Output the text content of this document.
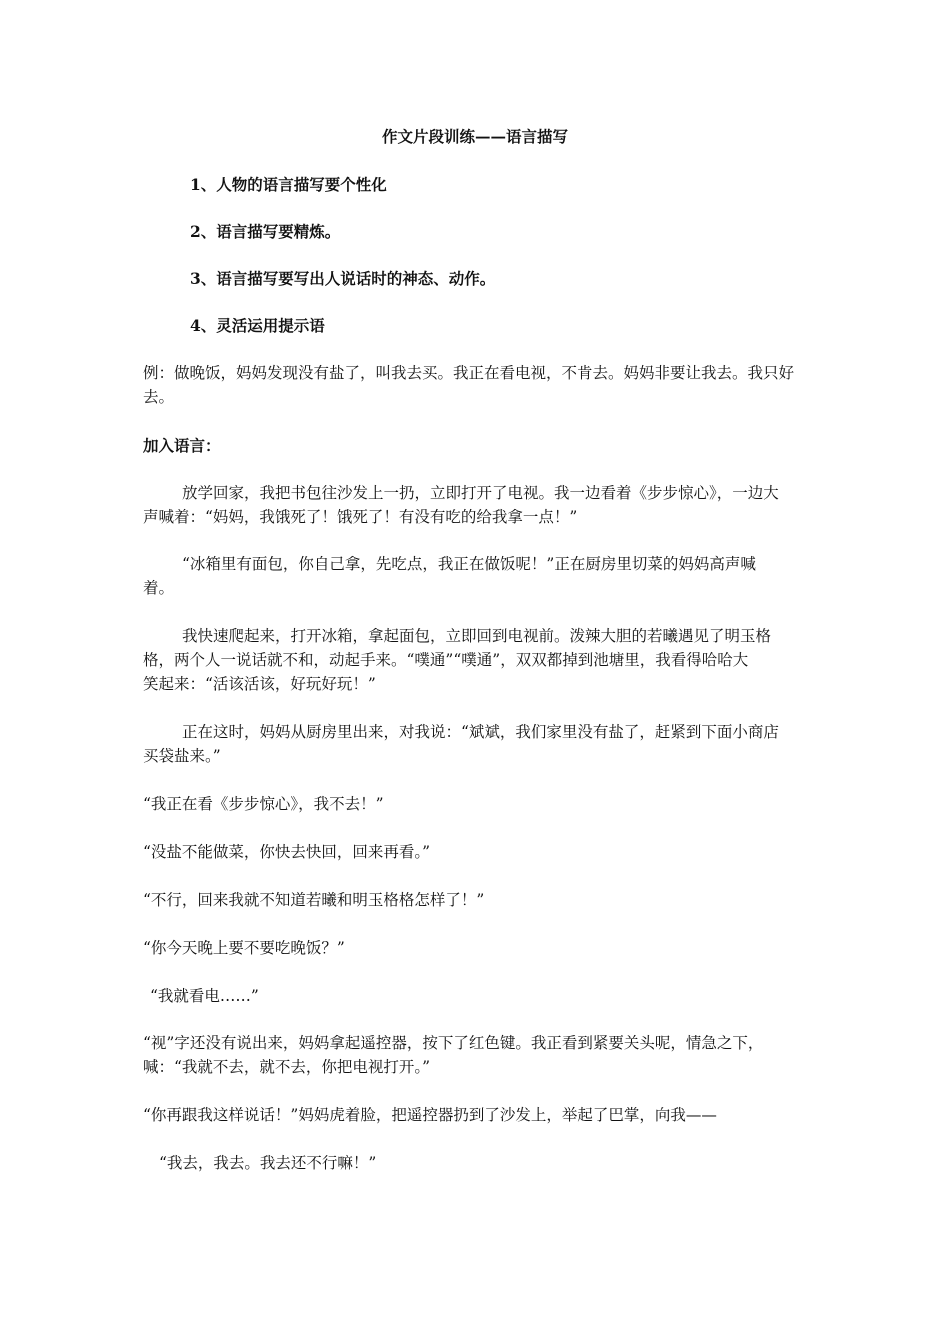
作文片段训练——语言描写
1、人物的语言描写要个性化
2、语言描写要精炼。
3、语言描写要写出人说话时的神态、动作。
4、灵活运用提示语
例：做晚饭，妈妈发现没有盐了，叫我去买。我正在看电视，不肯去。妈妈非要让我去。我只好
去。
加入语言：
放学回家，我把书包往沙发上一扔，立即打开了电视。我一边看着《步步惊心》，一边大
声喊着：“妈妈，我饿死了！饿死了！有没有吃的给我拿一点！”
“冰箱里有面包，你自己拿，先吃点，我正在做饭呢！”正在厨房里切菜的妈妈高声喊
着。
我快速爬起来，打开冰箱，拿起面包，立即回到电视前。泼辣大胆的若曦遇见了明玉格
格，两个人一说话就不和，动起手来。“噗通”“噗通”，双双都掉到池塘里，我看得哈哈大
笑起来：“活该活该，好玩好玩！”
正在这时，妈妈从厨房里出来，对我说：“斌斌，我们家里没有盐了，赶紧到下面小商店
买袋盐来。”
“我正在看《步步惊心》，我不去！”
“没盐不能做菜，你快去快回，回来再看。”
“不行，回来我就不知道若曦和明玉格格怎样了！”
“你今天晚上要不要吃晚饭？”
“我就看电……”
“视”字还没有说出来，妈妈拿起遥控器，按下了红色键。我正看到紧要关头呢，情急之下，
喊：“我就不去，就不去，你把电视打开。”
“你再跟我这样说话！”妈妈虎着脸，把遥控器扔到了沙发上，举起了巴掌，向我——
“我去，我去。我去还不行嘛！”
